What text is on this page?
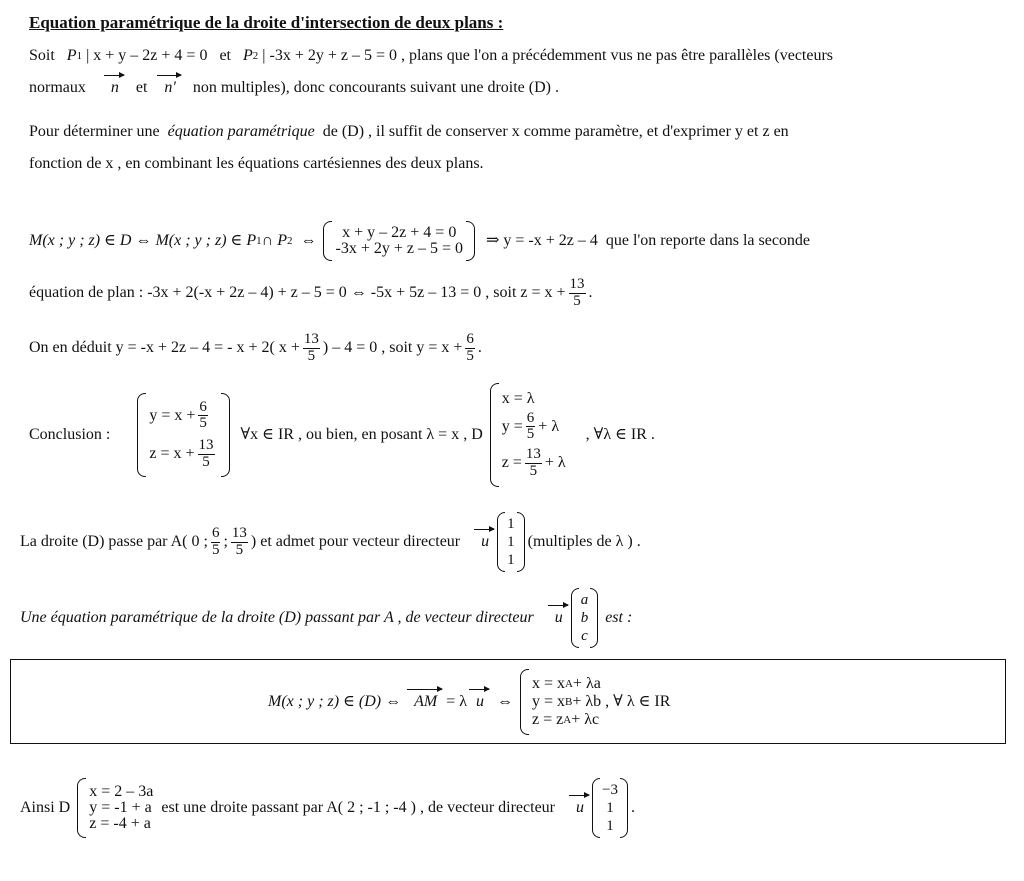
Equation paramétrique de la droite d'intersection de deux plans :
Soit
P 1
| x + y – 2z + 4 = 0
et
P 2
| -3x + 2y + z – 5 = 0
, plans que l'on a précédemment vus ne pas être parallèles (vecteurs
normaux
n
et
n'
non multiples), donc concourants suivant une droite (D) .
Pour déterminer une
équation paramétrique
de (D) , il suffit de conserver x comme paramètre, et d'exprimer y et z en
fonction de x , en combinant les équations cartésiennes des deux plans.
M(x ; y ; z) ∈ D ⇔ M(x ; y ; z) ∈ P 1 ∩ P 2
⇔	x + y – 2z + 4 = 0
-3x + 2y + z – 5 = 0
⇒ y = -x + 2z – 4
que l'on reporte dans la seconde
équation de plan : -3x + 2(-x + 2z – 4) + z – 5 = 0 ⇔ -5x + 5z – 13 = 0 , soit $z = x + \frac{13}{5}$ .
On en déduit y = -x + 2z – 4 = - x + 2( $x + \frac{13}{5}$ ) – 4 = 0 , soit $y = x + \frac{6}{5}$ .
Conclusion :

$y = x + \frac{6}{5}$
$z = x + \frac{13}{5}$

∀x ∈ IR , ou bien, en posant λ = x , D
x = λ
$y = \frac{6}{5} + \lambda$
$z = \frac{13}{5} + \lambda$

, ∀λ ∈ IR .
La droite (D) passe par A( 0 ; $\frac{6}{5}$ ; $\frac{13}{5}$ ) et admet pour vecteur directeur
u
1
1
1
(multiples de λ ) .
Une équation paramétrique de la droite (D) passant par A , de vecteur directeur
u
a
b
c

est :
M(x ; y ; z) ∈ (D) ⇔
AM
= λ
u
⇔
x = x A + λa
y = x B + λb
, ∀ λ ∈ IR
z = z A + λc
Ainsi D
x = 2 – 3a
y = -1 + a
z = -4 + a

est une droite passant par A( 2 ; -1 ; -4 ) , de vecteur directeur
u
−3
1
1
.
